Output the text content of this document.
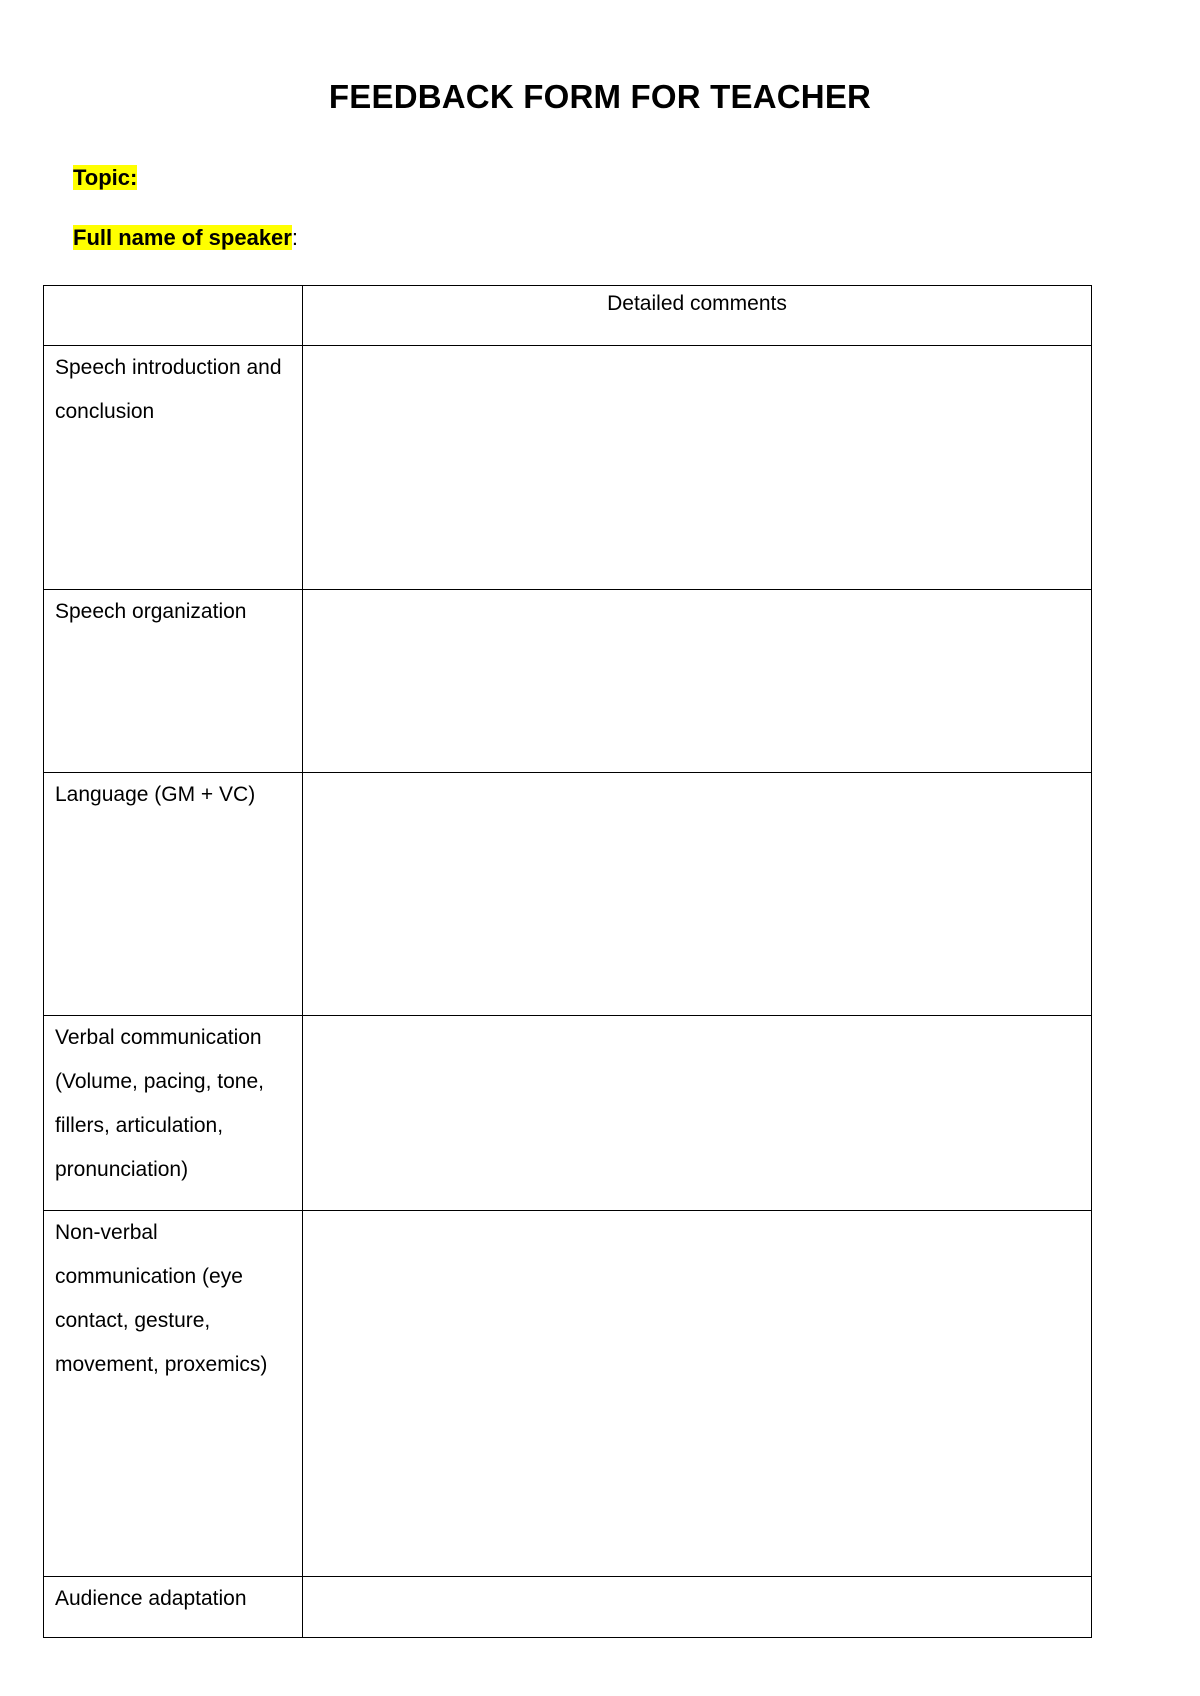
FEEDBACK FORM FOR TEACHER

Topic:

Full name of speaker:

	Detailed comments

Speech introduction and conclusion	

Speech organization	

Language (GM + VC)	

Verbal communication (Volume, pacing, tone, fillers, articulation, pronunciation)	

Non-verbal communication (eye contact, gesture, movement, proxemics)	

Audience adaptation	
